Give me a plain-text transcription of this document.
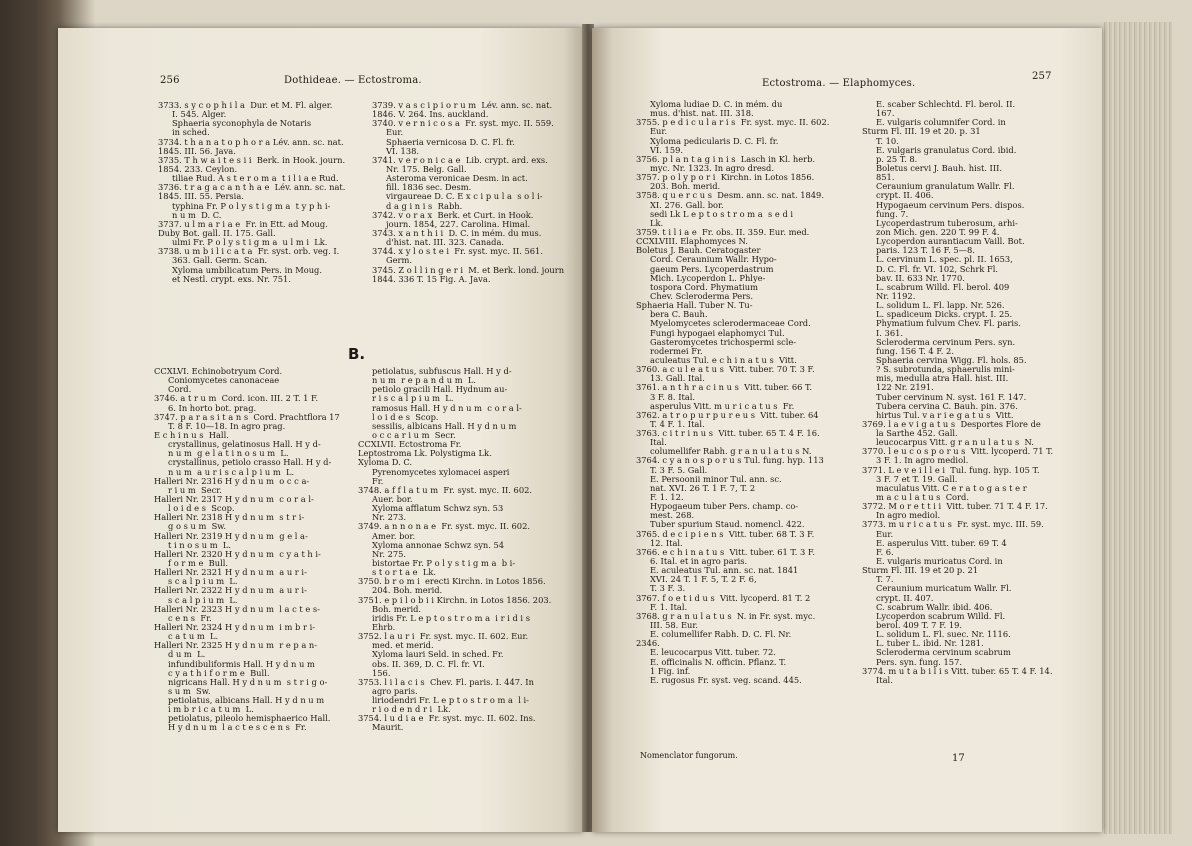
256	Dothideae. — Ectostroma.
3733. s y c o p h i l a  Dur. et M. Fl. alger.
I. 545. Alger.
Sphaeria syconophyla de Notaris
in sched.
3734. t h a n a t o p h o r a Lév. ann. sc. nat.
1845. III. 56. Java.
3735. T h w a i t e s i i  Berk. in Hook. journ.
1854. 233. Ceylon.
tiliae Rud. A s t e r o m a  t i l i a e Rud.
3736. t r a g a c a n t h a e  Lév. ann. sc. nat.
1845. III. 55. Persia.
typhina Fr. P o l y s t i g m a  t y p h i-
n u m  D. C.
3737. u l m a r i a e  Fr. in Ett. ad Moug.
Duby Bot. gall. II. 175. Gall.
ulmi Fr. P o l y s t i g m a  u l m i  Lk.
3738. u m b i l i c a t a  Fr. syst. orb. veg. I.
363. Gall. Germ. Scan.
Xyloma umbilicatum Pers. in Moug.
et Nestl. crypt. exs. Nr. 751.
3739. v a s c i p i o r u m  Lév. ann. sc. nat.
1846. V. 264. Ins. auckland.
3740. v e r n i c o s a  Fr. syst. myc. II. 559.
Eur.
Sphaeria vernicosa D. C. Fl. fr.
VI. 138.
3741. v e r o n i c a e  Lib. crypt. ard. exs.
Nr. 175. Belg. Gall.
Asteroma veronicae Desm. in act.
fill. 1836 sec. Desm.
virgaureae D. C. E x c i p u l a  s o l i-
d a g i n i s  Rabh.
3742. v o r a x  Berk. et Curt. in Hook.
journ. 1854, 227. Carolina. Himal.
3743. x a n t h i i  D. C. in mém. du mus.
d'hist. nat. III. 323. Canada.
3744. x y l o s t e i  Fr. syst. myc. II. 561.
Germ.
3745. Z o l l i n g e r i  M. et Berk. lond. journ
1844. 336 T. 15 Fig. A. Java.
B.
CCXLVI. Echinobotryum Cord.
Coniomycetes canonaceae
Cord.
3746. a t r u m  Cord. icon. III. 2 T. 1 F.
6. In horto bot. prag.
3747. p a r a s i t a n s  Cord. Prachtflora 17
T. 8 F. 10—18. In agro prag.
E c h i n u s  Hall.
crystallinus, gelatinosus Hall. H y d-
n u m  g e l a t i n o s u m  L.
crystallinus, petiolo crasso Hall. H y d-
n u m  a u r i s c a l p i u m  L.
Halleri Nr. 2316 H y d n u m  o c c a-
r i u m  Secr.
Halleri Nr. 2317 H y d n u m  c o r a l-
l o i d e s  Scop.
Halleri Nr. 2318 H y d n u m  s t r i-
g o s u m  Sw.
Halleri Nr. 2319 H y d n u m  g e l a-
t i n o s u m  L.
Halleri Nr. 2320 H y d n u m  c y a t h i-
f o r m e  Bull.
Halleri Nr. 2321 H y d n u m  a u r i-
s c a l p i u m  L.
Halleri Nr. 2322 H y d n u m  a u r i-
s c a l p i u m  L.
Halleri Nr. 2323 H y d n u m  l a c t e s-
c e n s  Fr.
Halleri Nr. 2324 H y d n u m  i m b r i-
c a t u m  L.
Halleri Nr. 2325 H y d n u m  r e p a n-
d u m  L.
infundibuliformis Hall. H y d n u m
c y a t h i f o r m e  Bull.
nigricans Hall. H y d n u m  s t r i g o-
s u m  Sw.
petiolatus, albicans Hall. H y d n u m
i m b r i c a t u m  L.
petiolatus, pileolo hemisphaerico Hall.
H y d n u m  l a c t e s c e n s  Fr.
petiolatus, subfuscus Hall. H y d-
n u m  r e p a n d u m  L.
petiolo gracili Hall. Hydnum au-
r i s c a l p i u m  L.
ramosus Hall. H y d n u m  c o r a l-
l o i d e s  Scop.
sessilis, albicans Hall. H y d n u m
o c c a r i u m  Secr.
CCXLVII. Ectostroma Fr.
Leptostroma Lk. Polystigma Lk.
Xyloma D. C.
Pyrenomycetes xylomacei asperi
Fr.
3748. a f f l a t u m  Fr. syst. myc. II. 602.
Auer. bor.
Xyloma afflatum Schwz syn. 53
Nr. 273.
3749. a n n o n a e  Fr. syst. myc. II. 602.
Amer. bor.
Xyloma annonae Schwz syn. 54
Nr. 275.
bistortae Fr. P o l y s t i g m a  b i-
s t o r t a e  Lk.
3750. b r o m i  erecti Kirchn. in Lotos 1856.
204. Boh. merid.
3751. e p i l o b i i Kirchn. in Lotos 1856. 203.
Boh. merid.
iridis Fr. L e p t o s t r o m a  i r i d i s
Ehrb.
3752. l a u r i  Fr. syst. myc. II. 602. Eur.
med. et merid.
Xyloma lauri Seld. in sched. Fr.
obs. II. 369, D. C. Fl. fr. VI.
156.
3753. l i l a c i s  Chev. Fl. paris. I. 447. In
agro paris.
liriodendri Fr. L e p t o s t r o m a  l i-
r i o d e n d r i  Lk.
3754. l u d i a e  Fr. syst. myc. II. 602. Ins.
Maurit.
Ectostroma. — Elaphomyces.
257
Xyloma ludiae D. C. in mém. du
mus. d'hist. nat. III. 318.
3755. p e d i c u l a r i s  Fr. syst. myc. II. 602.
Eur.
Xyloma pedicularis D. C. Fl. fr.
VI. 159.
3756. p l a n t a g i n i s  Lasch in Kl. herb.
myc. Nr. 1323. In agro dresd.
3757. p o l y p o r i  Kirchn. in Lotos 1856.
203. Boh. merid.
3758. q u e r c u s  Desm. ann. sc. nat. 1849.
XI. 276. Gall. bor.
sedi Lk L e p t o s t r o m a  s e d i
Lk.
3759. t i l i a e  Fr. obs. II. 359. Eur. med.
CCXLVIII. Elaphomyces N.
Boletus J. Bauh. Ceratogaster
Cord. Ceraunium Wallr. Hypo-
gaeum Pers. Lycoperdastrum
Mich. Lycoperdon L. Phlye-
tospora Cord. Phymatium
Chev. Scleroderma Pers.
Sphaeria Hall. Tuber N. Tu-
bera C. Bauh.
Myelomycetes sclerodermaceae Cord.
Fungi hypogaei elaphomyci Tul.
Gasteromycetes trichospermi scle-
rodermei Fr.
aculeatus Tul. e c h i n a t u s  Vitt.
3760. a c u l e a t u s  Vitt. tuber. 70 T. 3 F.
13. Gall. Ital.
3761. a n t h r a c i n u s  Vitt. tuber. 66 T.
3 F. 8. Ital.
asperulus Vitt. m u r i c a t u s  Fr.
3762. a t r o p u r p u r e u s  Vitt. tuber. 64
T. 4 F. 1. Ital.
3763. c i t r i n u s  Vitt. tuber. 65 T. 4 F. 16.
Ital.
columellifer Rabh. g r a n u l a t u s N.
3764. c y a n o s p o r u s Tul. fung. hyp. 113
T. 3 F. 5. Gall.
E. Persoonii minor Tul. ann. sc.
nat. XVI. 26 T. 1 F. 7, T. 2
F. 1. 12.
Hypogaeum tuber Pers. champ. co-
mest. 268.
Tuber spurium Staud. nomencl. 422.
3765. d e c i p i e n s  Vitt. tuber. 68 T. 3 F.
12. Ital.
3766. e c h i n a t u s  Vitt. tuber. 61 T. 3 F.
6. Ital. et in agro paris.
E. aculeatus Tul. ann. sc. nat. 1841
XVI. 24 T. 1 F. 5, T. 2 F. 6,
T. 3 F. 3.
3767. f o e t i d u s  Vitt. lycoperd. 81 T. 2
F. 1. Ital.
3768. g r a n u l a t u s  N. in Fr. syst. myc.
III. 58. Eur.
E. columellifer Rabh. D. C. Fl. Nr.
2346.
E. leucocarpus Vitt. tuber. 72.
E. officinalis N. officin. Pflanz. T.
1 Fig. inf.
E. rugosus Fr. syst. veg. scand. 445.
E. scaber Schlechtd. Fl. berol. II.
167.
E. vulgaris columnifer Cord. in
Sturm Fl. III. 19 et 20. p. 31
T. 10.
E. vulgaris granulatus Cord. ibid.
p. 25 T. 8.
Boletus cervi J. Bauh. hist. III.
851.
Ceraunium granulatum Wallr. Fl.
crypt. II. 406.
Hypogaeum cervinum Pers. dispos.
fung. 7.
Lycoperdastrum tuberosum, arhi-
zon Mich. gen. 220 T. 99 F. 4.
Lycoperdon aurantiacum Vaill. Bot.
paris. 123 T. 16 F. 5—8.
L. cervinum L. spec. pl. II. 1653,
D. C. Fl. fr. VI. 102, Schrk Fl.
bav. II. 633 Nr. 1770.
L. scabrum Willd. Fl. berol. 409
Nr. 1192.
L. solidum L. Fl. lapp. Nr. 526.
L. spadiceum Dicks. crypt. I. 25.
Phymatium fulvum Chev. Fl. paris.
I. 361.
Scleroderma cervinum Pers. syn.
fung. 156 T. 4 F. 2.
Sphaeria cervina Wigg. Fl. hols. 85.
? S. subrotunda, sphaerulis mini-
mis, medulla atra Hall. hist. III.
122 Nr. 2191.
Tuber cervinum N. syst. 161 F. 147.
Tubera cervina C. Bauh. pin. 376.
hirtus Tul. v a r i e g a t u s  Vitt.
3769. l a e v i g a t u s  Desportes Flore de
la Sarthe 452. Gall.
leucocarpus Vitt. g r a n u l a t u s  N.
3770. l e u c o s p o r u s  Vitt. lycoperd. 71 T.
3 F. 1. In agro mediol.
3771. L e v e i l l e i  Tul. fung. hyp. 105 T.
3 F. 7 et T. 19. Gall.
maculatus Vitt. C e r a t o g a s t e r
m a c u l a t u s  Cord.
3772. M o r e t t i i  Vitt. tuber. 71 T. 4 F. 17.
In agro mediol.
3773. m u r i c a t u s  Fr. syst. myc. III. 59.
Eur.
E. asperulus Vitt. tuber. 69 T. 4
F. 6.
E. vulgaris muricatus Cord. in
Sturm Fl. III. 19 et 20 p. 21
T. 7.
Ceraunium muricatum Wallr. Fl.
crypt. II. 407.
C. scabrum Wallr. ibid. 406.
Lycoperdon scabrum Willd. Fl.
berol. 409 T. 7 F. 19.
L. solidum L. Fl. suec. Nr. 1116.
L. tuber L. ibid. Nr. 1281.
Scleroderma cervinum scabrum
Pers. syn. fung. 157.
3774. m u t a b i l i s Vitt. tuber. 65 T. 4 F. 14.
Ital.
Nomenclator fungorum.	17
